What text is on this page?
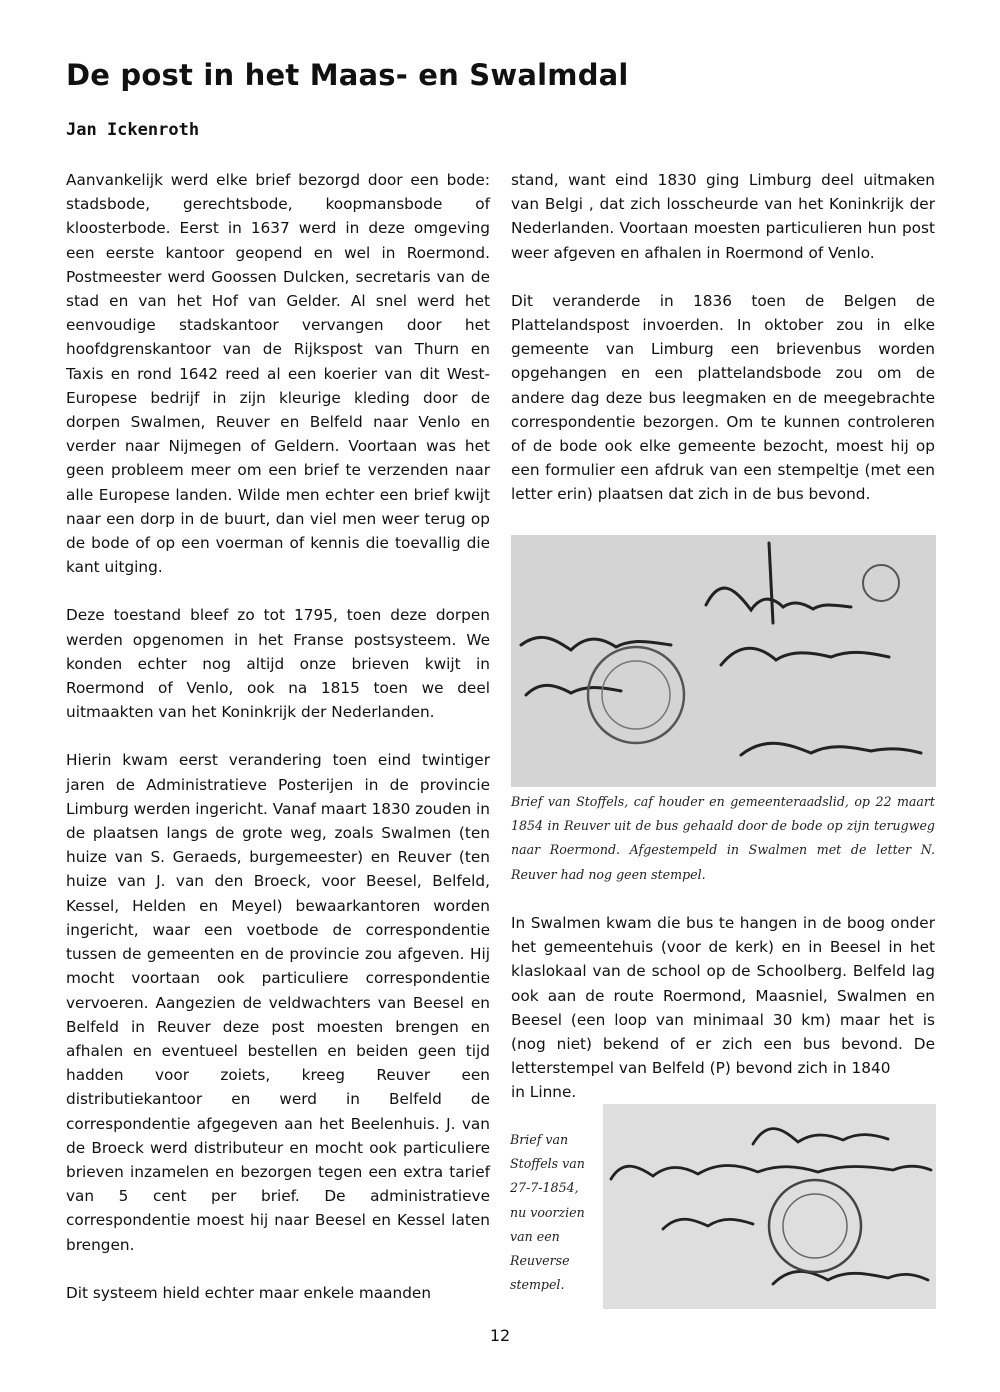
De post in het Maas- en Swalmdal
Jan Ickenroth

Aanvankelijk werd elke brief bezorgd door een bode: stadsbode, gerechtsbode, koopmansbode of kloosterbode. Eerst in 1637 werd in deze omgeving een eerste kantoor geopend en wel in Roermond. Postmeester werd Goossen Dulcken, secretaris van de stad en van het Hof van Gelder. Al snel werd het eenvoudige stadskantoor vervangen door het hoofdgrenskantoor van de Rijkspost van Thurn en Taxis en rond 1642 reed al een koerier van dit West-Europese bedrijf in zijn kleurige kleding door de dorpen Swalmen, Reuver en Belfeld naar Venlo en verder naar Nijmegen of Geldern. Voortaan was het geen probleem meer om een brief te verzenden naar alle Europese landen. Wilde men echter een brief kwijt naar een dorp in de buurt, dan viel men weer terug op de bode of op een voerman of kennis die toevallig die kant uitging.

Deze toestand bleef zo tot 1795, toen deze dorpen werden opgenomen in het Franse postsysteem. We konden echter nog altijd onze brieven kwijt in Roermond of Venlo, ook na 1815 toen we deel uitmaakten van het Koninkrijk der Nederlanden.

Hierin kwam eerst verandering toen eind twintiger jaren de Administratieve Posterijen in de provincie Limburg werden ingericht. Vanaf maart 1830 zouden in de plaatsen langs de grote weg, zoals Swalmen (ten huize van S. Geraeds, burgemeester) en Reuver (ten huize van J. van den Broeck, voor Beesel, Belfeld, Kessel, Helden en Meyel) bewaarkantoren worden ingericht, waar een voetbode de correspondentie tussen de gemeenten en de provincie zou afgeven. Hij mocht voortaan ook particuliere correspondentie vervoeren. Aangezien de veldwachters van Beesel en Belfeld in Reuver deze post moesten brengen en afhalen en eventueel bestellen en beiden geen tijd hadden voor zoiets, kreeg Reuver een distributiekantoor en werd in Belfeld de correspondentie afgegeven aan het Beelenhuis. J. van de Broeck werd distributeur en mocht ook particuliere brieven inzamelen en bezorgen tegen een extra tarief van 5 cent per brief. De administratieve correspondentie moest hij naar Beesel en Kessel laten brengen.

Dit systeem hield echter maar enkele maanden

stand, want eind 1830 ging Limburg deel uitmaken van Belgi , dat zich losscheurde van het Koninkrijk der Nederlanden. Voortaan moesten particulieren hun post weer afgeven en afhalen in Roermond of Venlo.

Dit veranderde in 1836 toen de Belgen de Plattelandspost invoerden. In oktober zou in elke gemeente van Limburg een brievenbus worden opgehangen en een plattelandsbode zou om de andere dag deze bus leegmaken en de meegebrachte correspondentie bezorgen. Om te kunnen controleren of de bode ook elke gemeente bezocht, moest hij op een formulier een afdruk van een stempeltje (met een letter erin) plaatsen dat zich in de bus bevond.

Brief van Stoffels, caf houder en gemeenteraadslid, op 22 maart 1854 in Reuver uit de bus gehaald door de bode op zijn terugweg naar Roermond. Afgestempeld in Swalmen met de letter N. Reuver had nog geen stempel.

In Swalmen kwam die bus te hangen in de boog onder het gemeentehuis (voor de kerk) en in Beesel in het klaslokaal van de school op de Schoolberg. Belfeld lag ook aan de route Roermond, Maasniel, Swalmen en Beesel (een loop van minimaal 30 km) maar het is (nog niet) bekend of er zich een bus bevond. De letterstempel van Belfeld (P) bevond zich in 1840
in Linne.

Brief van
Stoffels van
27-7-1854,
nu voorzien
van een
Reuverse
stempel.
12
